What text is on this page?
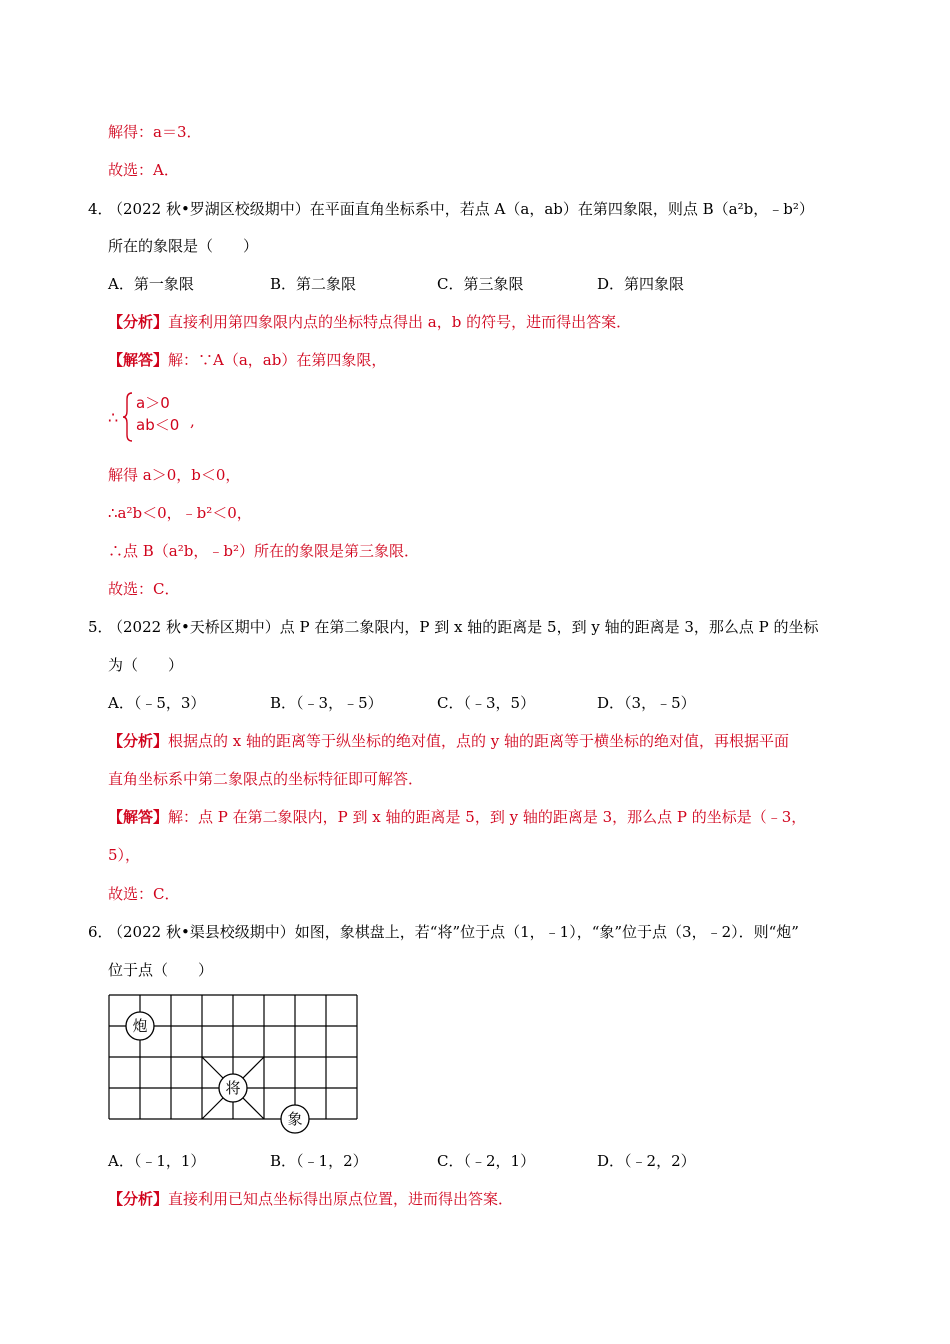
解得：a＝3．
故选：A．
4．
（2022 秋•罗湖区校级期中）在平面直角坐标系中，若点 A（a，ab）在第四象限，则点 B（a²b，﹣b²）
所在的象限是（　　）
A．第一象限	B．第二象限	C．第三象限	D．第四象限
【分析】直接利用第四象限内点的坐标特点得出 a，b 的符号，进而得出答案．
【解答】解：∵A（a，ab）在第四象限，
∴
a＞0
ab＜0 ,
解得 a＞0，b＜0，
∴a²b＜0，﹣b²＜0，
∴点 B（a²b，﹣b²）所在的象限是第三象限．
故选：C．
5．
（2022 秋•天桥区期中）点 P 在第二象限内，P 到 x 轴的距离是 5，到 y 轴的距离是 3，那么点 P 的坐标
为（　　）
A．（﹣5，3）	B．（﹣3，﹣5）	C．（﹣3，5）	D．（3，﹣5）
【分析】根据点的 x 轴的距离等于纵坐标的绝对值，点的 y 轴的距离等于横坐标的绝对值，再根据平面
直角坐标系中第二象限点的坐标特征即可解答．
【解答】解：点 P 在第二象限内，P 到 x 轴的距离是 5，到 y 轴的距离是 3，那么点 P 的坐标是（﹣3，
5），
故选：C．
6．
（2022 秋•渠县校级期中）如图，象棋盘上，若“将”位于点（1，﹣1），“象”位于点（3，﹣2）．则“炮”
位于点（　　）
炮
将
象
A．（﹣1，1）	B．（﹣1，2）	C．（﹣2，1）	D．（﹣2，2）
【分析】直接利用已知点坐标得出原点位置，进而得出答案．
